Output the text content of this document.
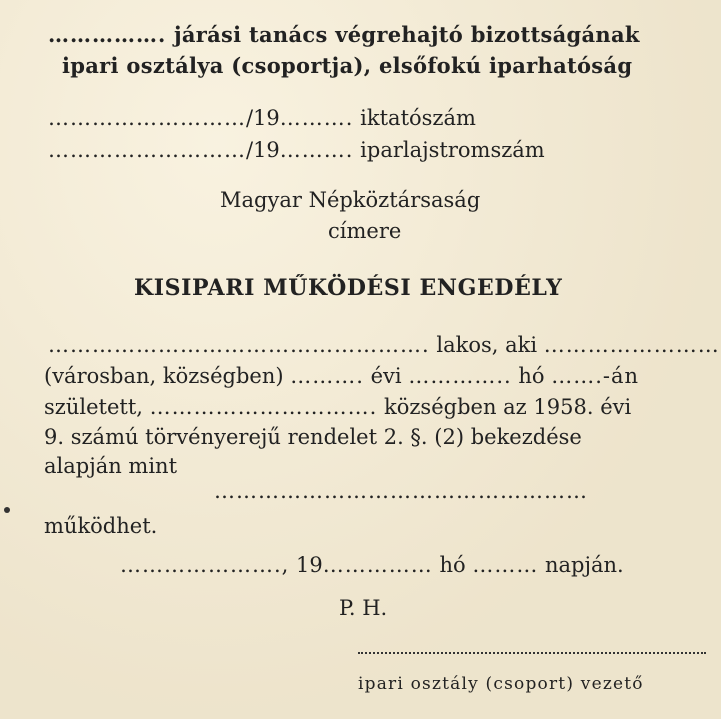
……………. járási tanács végrehajtó bizottságának
ipari osztálya (csoportja), elsőfokú iparhatóság
………………………/19………. iktatószám
………………………/19………. iparlajstromszám
Magyar Népköztársaság
címere
KISIPARI MŰKÖDÉSI ENGEDÉLY
……………………………………………. lakos, aki ……………………
(városban, községben) ………. évi ………….. hó …….-án
született, …………………………. községben az 1958. évi
9. számú törvényerejű rendelet 2. §. (2) bekezdése
alapján mint
……………………………………………
működhet.
…………………., 19…………… hó ……… napján.
P. H.
ipari osztály (csoport) vezető
